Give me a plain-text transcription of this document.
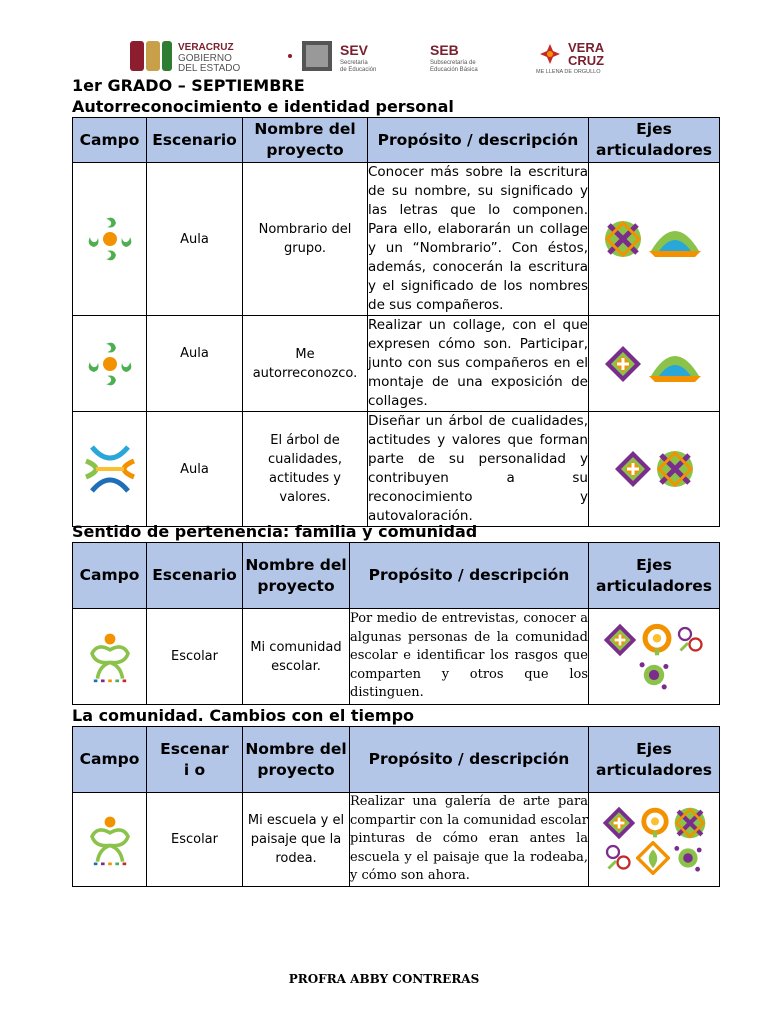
VERACRUZ
GOBIERNO
DEL ESTADO
SEV
Secretaría
de Educación
SEB
Subsecretaría de
Educación Básica
VERA
CRUZ
ME LLENA DE ORGULLO
1er GRADO – SEPTIEMBRE
Autorreconocimiento e identidad personal
Campo	Escenario	Nombre del proyecto	Propósito / descripción	Ejes articuladores

	Aula	Nombrario del grupo.	Conocer más sobre la escritura de su nombre, su significado y las letras que lo componen. Para ello, elaborarán un collage y un “Nombrario”. Con éstos, además, conocerán la escritura y el significado de los nombres de sus compañeros.	

	Aula	Me autorreconozco.	Realizar un collage, con el que expresen cómo son. Participar, junto con sus compañeros en el montaje de una exposición de collages.	

	Aula	El árbol de cualidades, actitudes y valores.	Diseñar un árbol de cualidades, actitudes y valores que forman parte de su personalidad y contribuyen a su reconocimiento y autovaloración.	
Sentido de pertenencia: familia y comunidad
Campo	Escenario	Nombre del proyecto	Propósito / descripción	Ejes articuladores

	Escolar	Mi comunidad escolar.	Por medio de entrevistas, conocer a algunas personas de la comunidad escolar e identificar los rasgos que comparten y otros que los distinguen.	
La comunidad. Cambios con el tiempo
Campo	Escenari o	Nombre del proyecto	Propósito / descripción	Ejes articuladores

	Escolar	Mi escuela y el paisaje que la rodea.	Realizar una galería de arte para compartir con la comunidad escolar pinturas de cómo eran antes la escuela y el paisaje que la rodeaba, y cómo son ahora.	
PROFRA ABBY CONTRERAS
